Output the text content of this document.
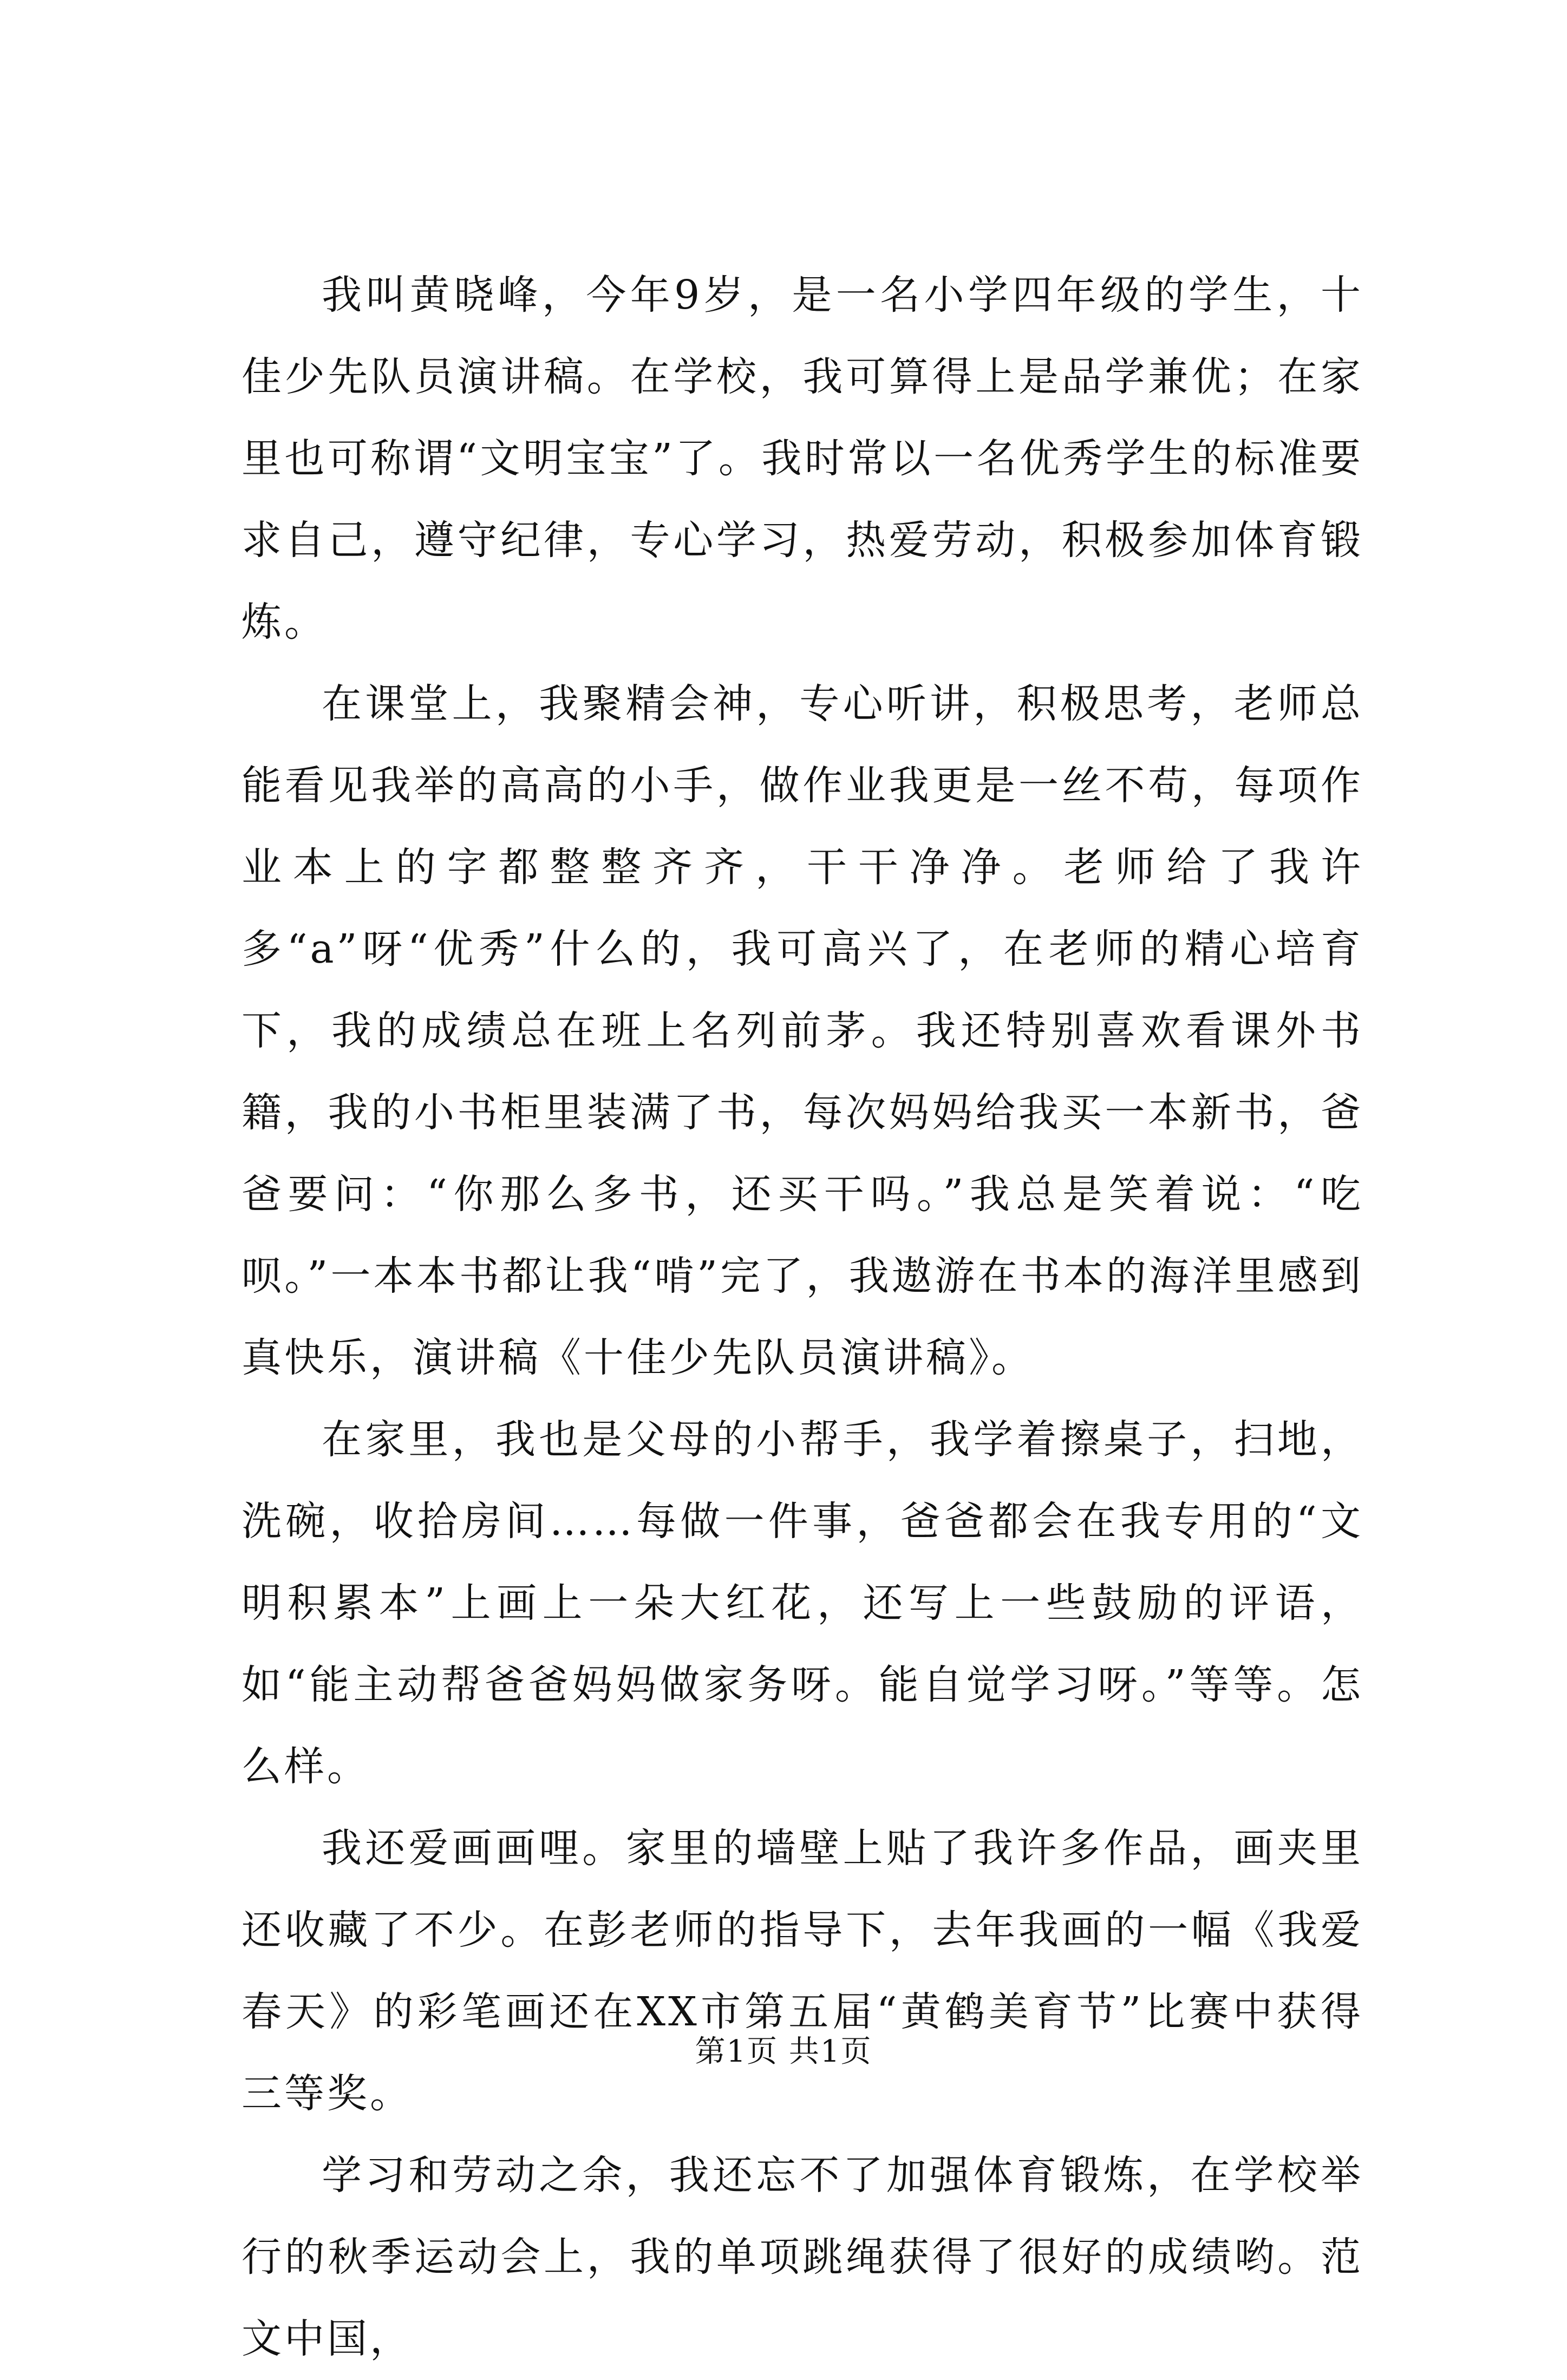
我叫黄晓峰，今年9岁，是一名小学四年级的学生，十佳少先队员演讲稿。在学校，我可算得上是品学兼优；在家里也可称谓“文明宝宝”了。我时常以一名优秀学生的标准要求自己，遵守纪律，专心学习，热爱劳动，积极参加体育锻炼。

在课堂上，我聚精会神，专心听讲，积极思考，老师总能看见我举的高高的小手，做作业我更是一丝不苟，每项作业本上的字都整整齐齐，干干净净。老师给了我许多“a”呀“优秀”什么的，我可高兴了，在老师的精心培育下，我的成绩总在班上名列前茅。我还特别喜欢看课外书籍，我的小书柜里装满了书，每次妈妈给我买一本新书，爸爸要问：“你那么多书，还买干吗。”我总是笑着说：“吃呗。”一本本书都让我“啃”完了，我遨游在书本的海洋里感到真快乐，演讲稿《十佳少先队员演讲稿》。

在家里，我也是父母的小帮手，我学着擦桌子，扫地，洗碗，收拾房间……每做一件事，爸爸都会在我专用的“文明积累本”上画上一朵大红花，还写上一些鼓励的评语，如“能主动帮爸爸妈妈做家务呀。能自觉学习呀。”等等。怎么样。

我还爱画画哩。家里的墙壁上贴了我许多作品，画夹里还收藏了不少。在彭老师的指导下，去年我画的一幅《我爱春天》的彩笔画还在XX市第五届“黄鹤美育节”比赛中获得三等奖。

学习和劳动之余，我还忘不了加强体育锻炼，在学校举行的秋季运动会上，我的单项跳绳获得了很好的成绩哟。范文中国，

第1页 共1页
